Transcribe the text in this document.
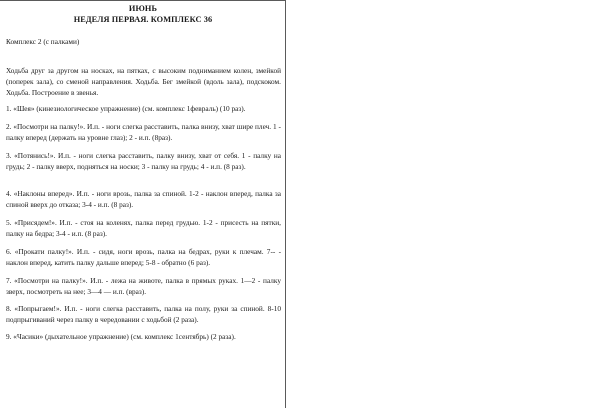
ИЮНЬ
НЕДЕЛЯ ПЕРВАЯ. КОМПЛЕКС 36

Комплекс 2 (с палками)

Ходьба друг за другом на носках, на пятках, с высоким подниманием колен, змейкой (поперек зала), со сменой направления. Ходьба. Бег змейкой (вдоль зала), подскоком. Ходьба. Построение в звенья.

1. «Шея» (кинезиологическое упражнение) (см. комплекс 1февраль) (10 раз).

2. «Посмотри на палку!». И.п. - ноги слегка расставить, палка внизу, хват шире плеч. 1 - палку вперед (держать на уровне глаз); 2 - и.п. (8раз).

3. «Потянись!». И.п. - ноги слегка расставить, палку внизу, хват от себя. 1 - палку на грудь; 2 - палку вверх, подняться на носки; 3 - палку на грудь; 4 - и.п. (8 раз).

4. «Наклоны вперед». И.п. - ноги врозь, палка за спиной. 1-2 - наклон вперед, палка за спиной вверх до отказа; 3-4 - и.п. (8 раз).

5. «Присядем!». И.п. - стоя на коленях, палка перед грудью. 1-2 - присесть на пятки, палку на бедра; 3-4 - и.п. (8 раз).

6. «Прокати палку!». И.п. - сидя, ноги врозь, палка на бедрах, руки к плечам. 7-- - наклон вперед, катить палку дальше вперед; 5-8 - обратно (6 раз).

7. «Посмотри на палку!». И.п. - лежа на животе, палка в прямых руках. 1—2 - палку зверх, посмотреть на нее; 3—4 — и.п. (враз).

8. «Попрыгаем!». И.п. - ноги слегка расставить, палка на полу, руки за спиной. 8-10 подпрыгиваний через палку в чередовании с ходьбой (2 раза).

9. «Часики» (дыхательное упражнение) (см. комплекс 1сентябрь) (2 раза).
